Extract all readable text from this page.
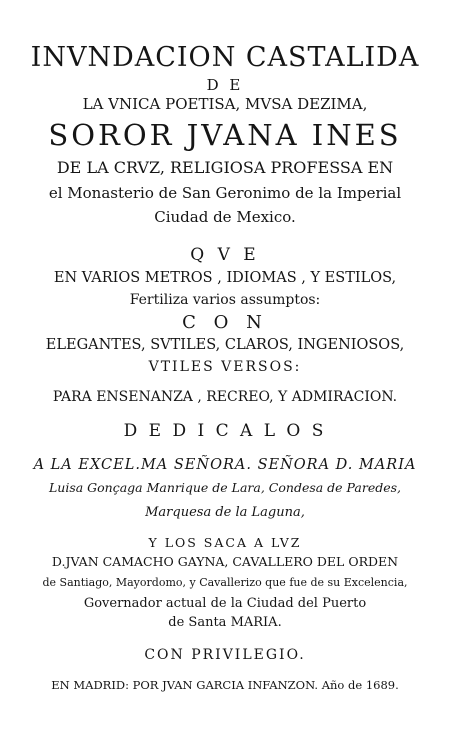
INVNDACION CASTALIDA
D E
LA VNICA POETISA, MVSA DEZIMA,
SOROR JVANA INES
DE LA CRVZ, RELIGIOSA PROFESSA EN
el Monasterio de San Geronimo de la Imperial
Ciudad de Mexico.
Q V E
EN VARIOS METROS , IDIOMAS , Y ESTILOS,
Fertiliza varios assumptos:
C O N
ELEGANTES, SVTILES, CLAROS, INGENIOSOS,
VTILES VERSOS:
PARA ENSENANZA , RECREO, Y ADMIRACION.
D E D I C A L O S
A LA EXCEL.MA SEÑORA. SEÑORA D. MARIA
Luisa Gonçaga Manrique de Lara, Condesa de Paredes,
Marquesa de la Laguna,
Y LOS SACA A LVZ
D.JVAN CAMACHO GAYNA, CAVALLERO DEL ORDEN
de Santiago, Mayordomo, y Cavallerizo que fue de su Excelencia,
Governador actual de la Ciudad del Puerto
de Santa MARIA.
CON PRIVILEGIO.
EN MADRID: POR JVAN GARCIA INFANZON. Año de 1689.
